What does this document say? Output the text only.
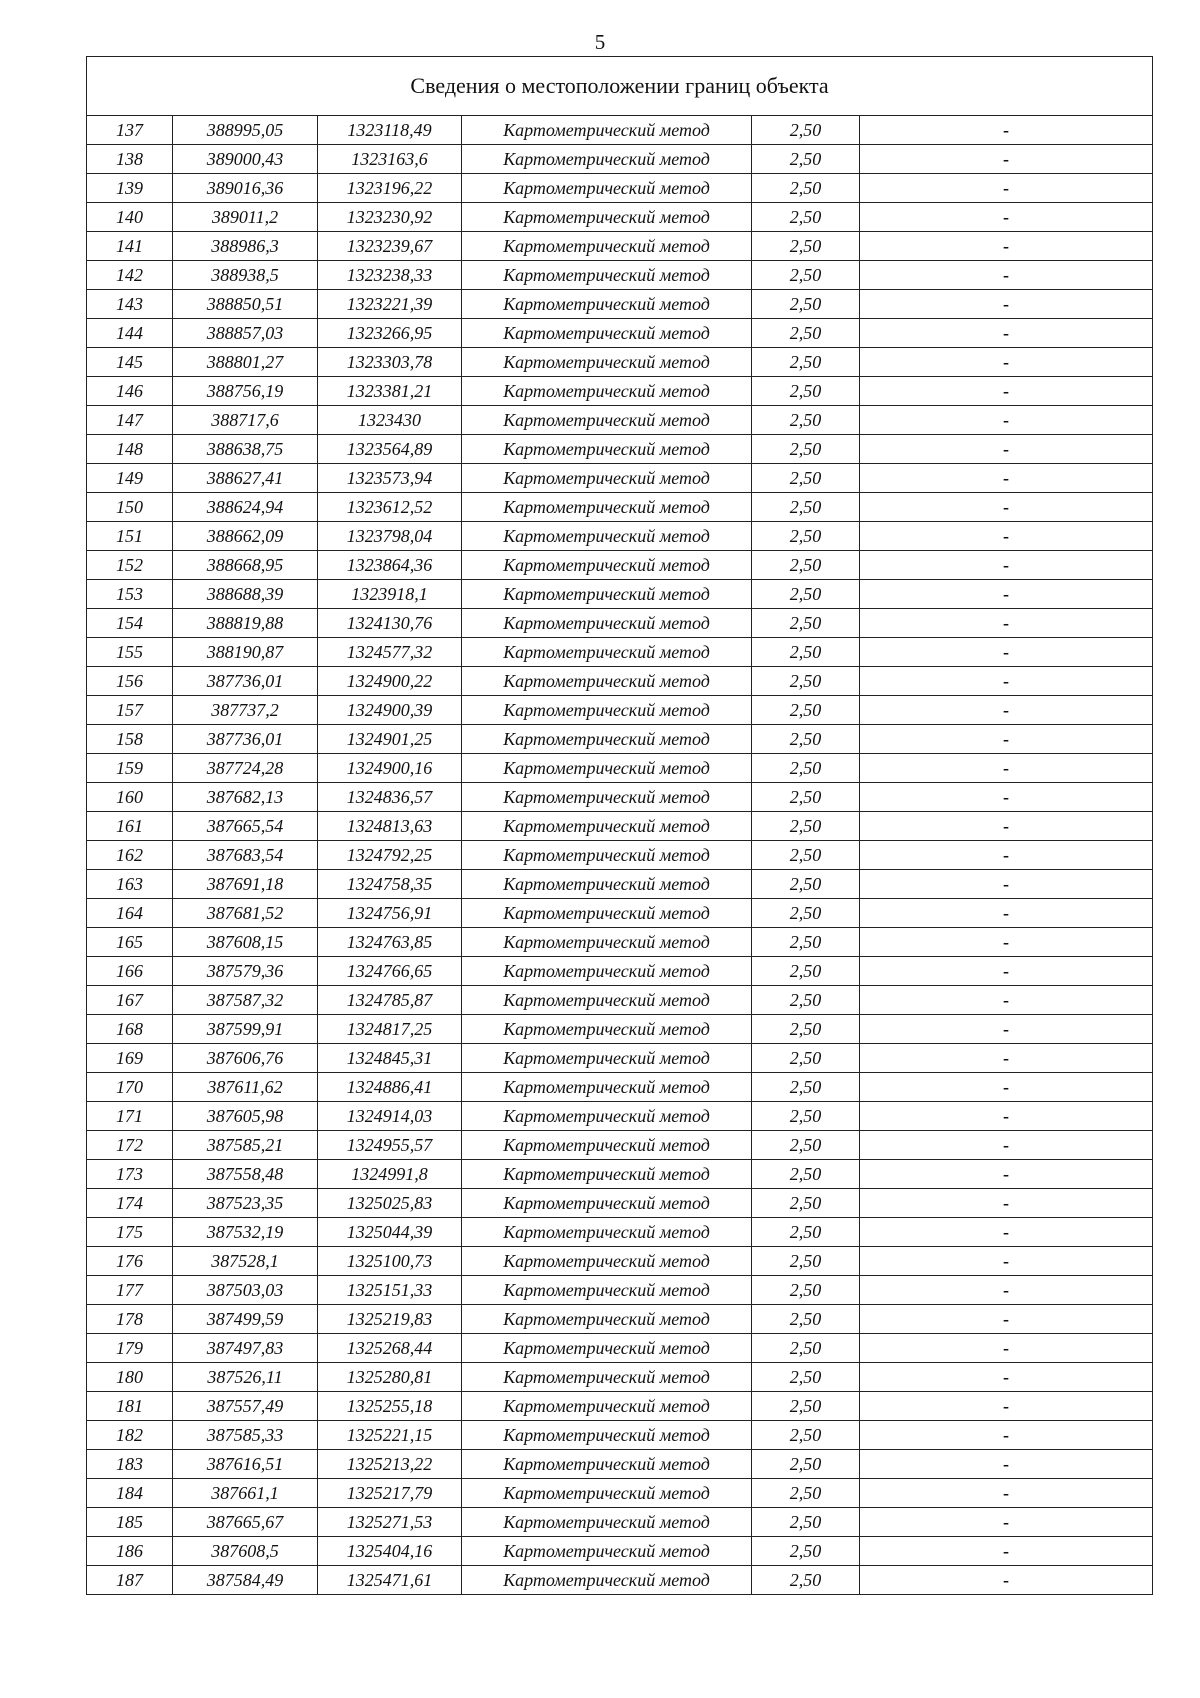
5
Сведения о местоположении границ объекта					
137	388995,05	1323118,49	Картометрический метод	2,50	-
138	389000,43	1323163,6	Картометрический метод	2,50	-
139	389016,36	1323196,22	Картометрический метод	2,50	-
140	389011,2	1323230,92	Картометрический метод	2,50	-
141	388986,3	1323239,67	Картометрический метод	2,50	-
142	388938,5	1323238,33	Картометрический метод	2,50	-
143	388850,51	1323221,39	Картометрический метод	2,50	-
144	388857,03	1323266,95	Картометрический метод	2,50	-
145	388801,27	1323303,78	Картометрический метод	2,50	-
146	388756,19	1323381,21	Картометрический метод	2,50	-
147	388717,6	1323430	Картометрический метод	2,50	-
148	388638,75	1323564,89	Картометрический метод	2,50	-
149	388627,41	1323573,94	Картометрический метод	2,50	-
150	388624,94	1323612,52	Картометрический метод	2,50	-
151	388662,09	1323798,04	Картометрический метод	2,50	-
152	388668,95	1323864,36	Картометрический метод	2,50	-
153	388688,39	1323918,1	Картометрический метод	2,50	-
154	388819,88	1324130,76	Картометрический метод	2,50	-
155	388190,87	1324577,32	Картометрический метод	2,50	-
156	387736,01	1324900,22	Картометрический метод	2,50	-
157	387737,2	1324900,39	Картометрический метод	2,50	-
158	387736,01	1324901,25	Картометрический метод	2,50	-
159	387724,28	1324900,16	Картометрический метод	2,50	-
160	387682,13	1324836,57	Картометрический метод	2,50	-
161	387665,54	1324813,63	Картометрический метод	2,50	-
162	387683,54	1324792,25	Картометрический метод	2,50	-
163	387691,18	1324758,35	Картометрический метод	2,50	-
164	387681,52	1324756,91	Картометрический метод	2,50	-
165	387608,15	1324763,85	Картометрический метод	2,50	-
166	387579,36	1324766,65	Картометрический метод	2,50	-
167	387587,32	1324785,87	Картометрический метод	2,50	-
168	387599,91	1324817,25	Картометрический метод	2,50	-
169	387606,76	1324845,31	Картометрический метод	2,50	-
170	387611,62	1324886,41	Картометрический метод	2,50	-
171	387605,98	1324914,03	Картометрический метод	2,50	-
172	387585,21	1324955,57	Картометрический метод	2,50	-
173	387558,48	1324991,8	Картометрический метод	2,50	-
174	387523,35	1325025,83	Картометрический метод	2,50	-
175	387532,19	1325044,39	Картометрический метод	2,50	-
176	387528,1	1325100,73	Картометрический метод	2,50	-
177	387503,03	1325151,33	Картометрический метод	2,50	-
178	387499,59	1325219,83	Картометрический метод	2,50	-
179	387497,83	1325268,44	Картометрический метод	2,50	-
180	387526,11	1325280,81	Картометрический метод	2,50	-
181	387557,49	1325255,18	Картометрический метод	2,50	-
182	387585,33	1325221,15	Картометрический метод	2,50	-
183	387616,51	1325213,22	Картометрический метод	2,50	-
184	387661,1	1325217,79	Картометрический метод	2,50	-
185	387665,67	1325271,53	Картометрический метод	2,50	-
186	387608,5	1325404,16	Картометрический метод	2,50	-
187	387584,49	1325471,61	Картометрический метод	2,50	-
